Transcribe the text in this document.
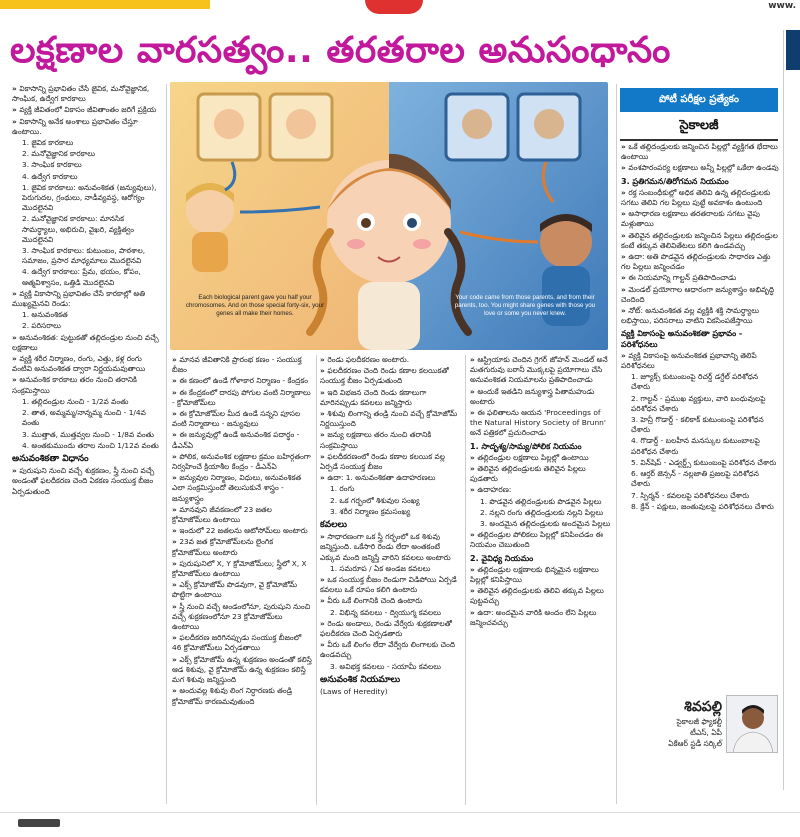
www.
లక్షణాల వారసత్వం.. తరతరాల అనుసంధానం

» వికాసాన్ని ప్రభావితం చేసే జైవిక, మనోవైజ్ఞానిక, సాంఘిక, ఉద్వేగ కారకాలు

» వ్యక్తి జీవితంలో వికాసం జీవితాంతం జరిగే ప్రక్రియ

» వికాసాన్ని అనేక అంశాలు ప్రభావితం చేస్తూ ఉంటాయి.

1. జైవిక కారకాలు

2. మనోవైజ్ఞానిక కారకాలు

3. సాంఘిక కారకాలు

4. ఉద్వేగ కారకాలు

1. జైవిక కారకాలు: అనువంశికత (జన్యువులు), పెరుగుదల, గ్రంథులు, నాడీవ్యవస్థ, ఆరోగ్యం మొదలైనవి

2. మనోవైజ్ఞానిక కారకాలు: మానసిక సామర్థ్యాలు, అభిరుచి, వైఖరి, వ్యక్తిత్వం మొదలైనవి

3. సాంఘిక కారకాలు: కుటుంబం, పాఠశాల, సమాజం, ప్రసార మాధ్యమాలు మొదలైనవి

4. ఉద్వేగ కారకాలు: ప్రేమ, భయం, కోపం, ఆత్మవిశ్వాసం, ఒత్తిడి మొదలైనవి

» వ్యక్తి వికాసాన్ని ప్రభావితం చేసే కారకాల్లో అతి ముఖ్యమైనవి రెండు:

1. అనువంశికత

2. పరిసరాలు

» అనువంశికత: పుట్టుకతో తల్లిదండ్రుల నుంచి వచ్చే లక్షణాలు

» వ్యక్తి శరీర నిర్మాణం, రంగు, ఎత్తు, కళ్ల రంగు వంటివి అనువంశికత ద్వారా నిర్ణయమవుతాయి

» అనువంశిక కారకాలు తరం నుంచి తరానికి సంక్రమిస్తాయి

1. తల్లిదండ్రుల నుంచి - 1/2వ వంతు

2. తాత, అమ్మమ్మ/నాన్నమ్మ నుంచి - 1/4వ వంతు

3. ముత్తాత, ముత్తవ్వల నుంచి - 1/8వ వంతు

4. అంతకుముందు తరాల నుంచి 1/12వ వంతు

అనువంశికతా విధానం

» పురుషుని నుంచి వచ్చే శుక్రకణం, స్త్రీ నుంచి వచ్చే అండంతో ఫలదీకరణ చెంది ఏకకణ సంయుక్త బీజం ఏర్పడుతుంది

Each biological parent gave you half your chromosomes. And on those special forty-six, your genes all make their homes.
Your code came from those parents, and from their parents, too. You might share genes with those you love or some you never knew.

» మానవ జీవితానికి ప్రారంభ కణం - సంయుక్త బీజం

» ఈ కణంలో ఉండే గోళాకార నిర్మాణం - కేంద్రకం

» ఈ కేంద్రకంలో దారపు పోగుల వంటి నిర్మాణాలు - క్రోమోజోమ్‌లు

» ఈ క్రోమోజోమ్‌ల మీద ఉండే సన్నని పూసల వంటి నిర్మాణాలు - జన్యువులు

» ఈ జన్యువుల్లో ఉండే అనువంశిక పదార్థం - డీఎన్ఏ

» పోలిక, అనువంశిక లక్షణాల క్రమం బహిర్గతంగా నిర్వహించే క్రియాశీల కేంద్రం - డీఎన్ఏ

» జన్యువుల నిర్మాణం, విధులు, అనువంశికత ఎలా సంక్రమిస్తుందో తెలుసుకునే శాస్త్రం - జన్యుశాస్త్రం

» మానవుని జీవకణంలో 23 జతల క్రోమోజోమ్‌లు ఉంటాయి

» ఇందులో 22 జతలను ఆటోసోమ్‌లు అంటారు

» 23వ జత క్రోమోజోమ్‌లను లైంగిక క్రోమోజోమ్‌లు అంటారు

» పురుషునిలో X, Y క్రోమోజోమ్‌లు; స్త్రీలో X, X క్రోమోజోమ్‌లు ఉంటాయి

» ఎక్స్ క్రోమోజోమ్ పొడవుగా, వై క్రోమోజోమ్ పొట్టిగా ఉంటాయి

» స్త్రీ నుంచి వచ్చే అండంలోనూ, పురుషుని నుంచి వచ్చే శుక్రకణంలోనూ 23 క్రోమోజోమ్‌లు ఉంటాయి

» ఫలదీకరణ జరిగినప్పుడు సంయుక్త బీజంలో 46 క్రోమోజోమ్‌లు ఏర్పడతాయి

» ఎక్స్ క్రోమోజోమ్ ఉన్న శుక్రకణం అండంతో కలిస్తే ఆడ శిశువు, వై క్రోమోజోమ్ ఉన్న శుక్రకణం కలిస్తే మగ శిశువు జన్మిస్తుంది

» అందువల్ల శిశువు లింగ నిర్ధారణకు తండ్రి క్రోమోజోమ్ కారణమవుతుంది

» రెండు ఫలదీకరణం అంటారు.

» ఫలదీకరణం చెంది రెండు కణాల కలయికతో సంయుక్త బీజం ఏర్పడుతుంది

» ఇది విభజన చెంది రెండు కణాలుగా మారినప్పుడు కవలలు జన్మిస్తారు

» శిశువు లింగాన్ని తండ్రి నుంచి వచ్చే క్రోమోజోమ్ నిర్ణయిస్తుంది

» జన్యు లక్షణాలు తరం నుంచి తరానికి సంక్రమిస్తాయి

» ఫలదీకరణంలో రెండు కణాల కలయిక వల్ల ఏర్పడే సంయుక్త బీజం

» ఉదా: 1. అనువంశికతా ఉదాహరణలు

1. రంగు

2. ఒక గర్భంలో శిశువుల సంఖ్య

3. శరీర నిర్మాణం క్రమసంఖ్య

కవలలు

» సాధారణంగా ఒక స్త్రీ గర్భంలో ఒక శిశువు జన్మిస్తుంది. ఒకేసారి రెండు లేదా అంతకంటే ఎక్కువ మంది జన్మిస్తే వారిని కవలలు అంటారు

1. సమరూప / ఏక అండజ కవలలు

» ఒక సంయుక్త బీజం రెండుగా విడిపోయి ఏర్పడే కవలలు ఒకే రూపం కలిగి ఉంటారు

» వీరు ఒకే లింగానికి చెంది ఉంటారు

2. విభిన్న కవలలు - ద్వియుగ్మ కవలలు

» రెండు అండాలు, రెండు వేర్వేరు శుక్రకణాలతో ఫలదీకరణ చెంది ఏర్పడతారు

» వీరు ఒకే లింగం లేదా వేర్వేరు లింగాలకు చెంది ఉండవచ్చు

3. అవిభక్త కవలలు - సయామీ కవలలు

అనువంశిక నియమాలు

(Laws of Heredity)

» ఆస్ట్రియాకు చెందిన గ్రెగర్ జోహన్ మెండల్ అనే మతగురువు బఠానీ మొక్కలపై ప్రయోగాలు చేసి అనువంశికత నియమాలను ప్రతిపాదించాడు

» అందుకే ఇతడిని జన్యుశాస్త్ర పితామహుడు అంటారు

» ఈ ఫలితాలను ఆయన 'Proceedings of the Natural History Society of Brunn' అనే పత్రికలో ప్రచురించాడు

1. సాదృశ్య/సామ్య/పోలిక నియమం

» తల్లిదండ్రుల లక్షణాలు పిల్లల్లో ఉంటాయి

» తెలివైన తల్లిదండ్రులకు తెలివైన పిల్లలు పుడతారు

» ఉదాహరణ:

1. పొడవైన తల్లిదండ్రులకు పొడవైన పిల్లలు

2. నల్లని రంగు తల్లిదండ్రులకు నల్లని పిల్లలు

3. అందమైన తల్లిదండ్రులకు అందమైన పిల్లలు

» తల్లిదండ్రుల పోలికలు పిల్లల్లో కనిపించడం ఈ నియమం చెబుతుంది

2. వైవిధ్య నియమం

» తల్లిదండ్రుల లక్షణాలకు భిన్నమైన లక్షణాలు పిల్లల్లో కనిపిస్తాయి

» తెలివైన తల్లిదండ్రులకు తెలివి తక్కువ పిల్లలు పుట్టవచ్చు

» ఉదా: అందమైన వారికి అందం లేని పిల్లలు జన్మించవచ్చు

పోటీ పరీక్షల ప్రత్యేకం
సైకాలజీ

» ఒకే తల్లిదండ్రులకు జన్మించిన పిల్లల్లో వ్యక్తిగత భేదాలు ఉంటాయి

» వంశపారంపర్య లక్షణాలు అన్నీ పిల్లల్లో ఒకేలా ఉండవు

3. ప్రతిగమన/తిరోగమన నియమం

» రక్త సంబంధీకుల్లో అధిక తెలివి ఉన్న తల్లిదండ్రులకు సగటు తెలివి గల పిల్లలు పుట్టే అవకాశం ఉంటుంది

» అసాధారణ లక్షణాలు తరతరాలకు సగటు వైపు మళ్లుతాయి

» తెలివైన తల్లిదండ్రులకు జన్మించిన పిల్లలు తల్లిదండ్రుల కంటే తక్కువ తెలివితేటలు కలిగి ఉండవచ్చు

» ఉదా: అతి పొడవైన తల్లిదండ్రులకు సాధారణ ఎత్తు గల పిల్లలు జన్మించడం

» ఈ నియమాన్ని గాల్టన్ ప్రతిపాదించాడు

» మెండల్ ప్రయోగాల ఆధారంగా జన్యుశాస్త్రం అభివృద్ధి చెందింది

» నోట్: అనువంశికత వల్ల వ్యక్తికి శక్తి సామర్థ్యాలు లభిస్తాయి, పరిసరాలు వాటిని వికసింపజేస్తాయి

వ్యక్తి వికాసంపై అనువంశికతా ప్రభావం - పరిశోధనలు

» వ్యక్తి వికాసంపై అనువంశికత ప్రభావాన్ని తెలిపే పరిశోధనలు

1. జ్యూక్స్ కుటుంబంపై రిచర్డ్ డగ్డేల్ పరిశోధన చేశారు

2. గాల్టన్ - ప్రముఖ వ్యక్తులు, వారి బంధువులపై పరిశోధన చేశారు

3. హెన్రీ గొడార్డ్ - కలికాక్ కుటుంబంపై పరిశోధన చేశారు

4. గొడార్డ్ - బలహీన మనస్కుల కుటుంబాలపై పరిశోధన చేశారు

5. విన్‌షిప్ - ఎడ్వర్డ్స్ కుటుంబంపై పరిశోధన చేశారు

6. ఆర్తర్ జెన్సన్ - నల్లజాతి ప్రజలపై పరిశోధన చేశారు

7. స్పిర్మన్ - కవలలపై పరిశోధనలు చేశారు

8. క్రేన్ - పక్షులు, జంతువులపై పరిశోధనలు చేశారు

శివపల్లి
సైకాలజీ ఫ్యాకల్టీ
టీఎస్, ఏపీ
ఏకేఆర్ స్టడీ సర్కిల్
